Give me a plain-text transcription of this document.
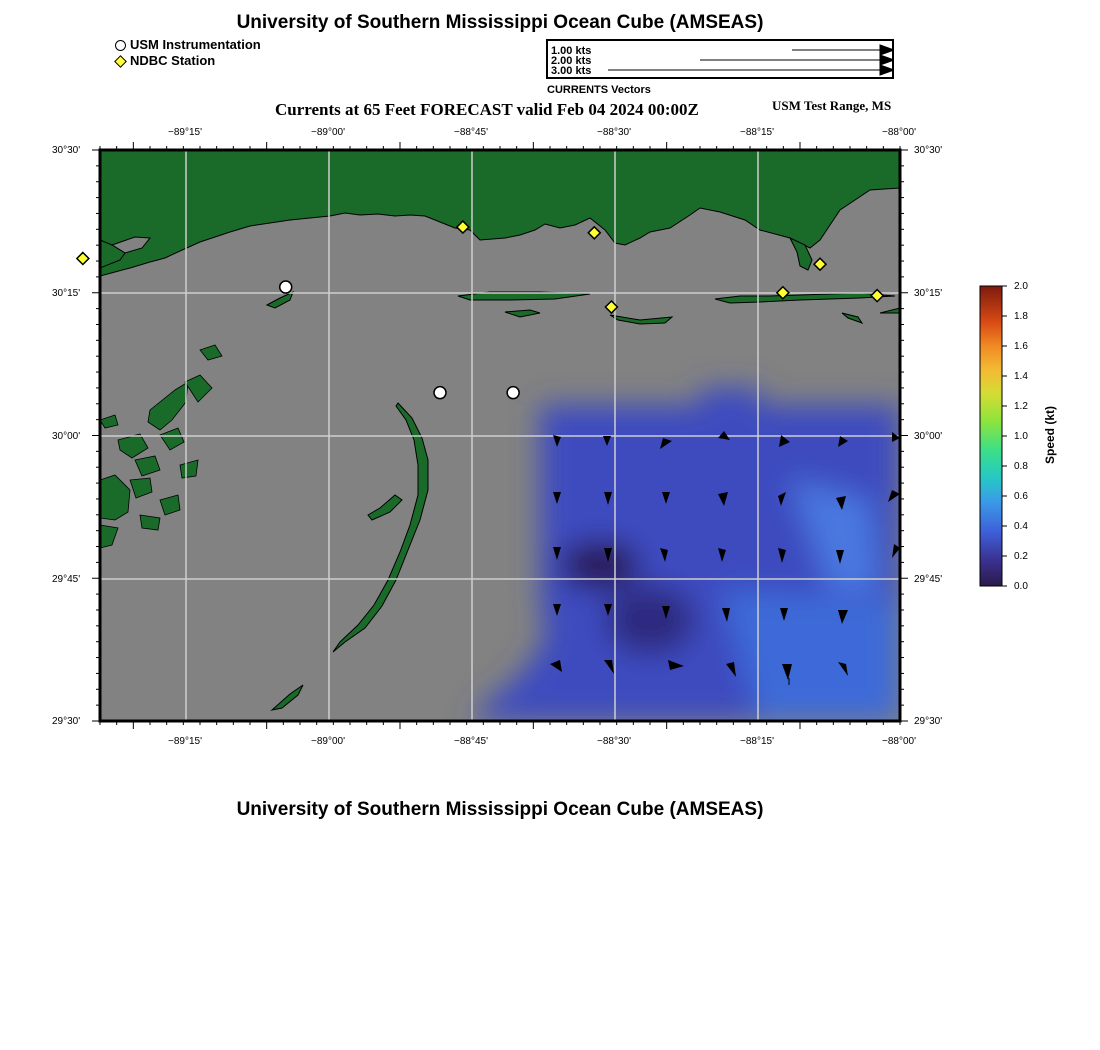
University of Southern Mississippi Ocean Cube (AMSEAS)
USM Instrumentation
NDBC Station
1.00 kts
2.00 kts
3.00 kts
CURRENTS Vectors
Currents at 65 Feet FORECAST valid Feb 04 2024 00:00Z	USM Test Range, MS
−89°15'	−89°00'	−88°45'	−88°30'	−88°15'	−88°00'
−89°15'	−89°00'	−88°45'	−88°30'	−88°15'	−88°00'
30°30'
30°15'
30°00'
29°45'
29°30'
30°30'
30°15'
30°00'
29°45'
29°30'
2.0
1.8
1.6
1.4
1.2
1.0
0.8
0.6
0.4
0.2
0.0
Speed (kt)
University of Southern Mississippi Ocean Cube (AMSEAS)
